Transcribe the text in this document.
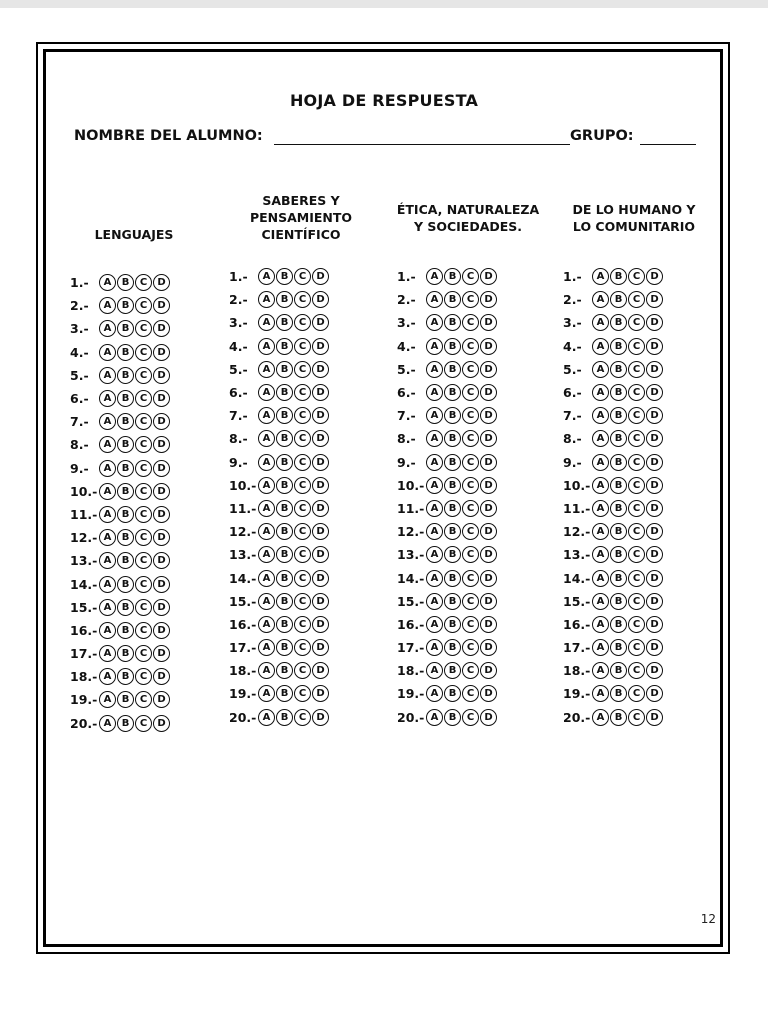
HOJA DE RESPUESTA
NOMBRE DEL ALUMNO:	GRUPO:
LENGUAJES
SABERES Y
PENSAMIENTO
CIENTÍFICO
ÉTICA, NATURALEZA
Y SOCIEDADES.
DE LO HUMANO Y
LO COMUNITARIO
1.-	A	B	C	D
2.-	A	B	C	D
3.-	A	B	C	D
4.-	A	B	C	D
5.-	A	B	C	D
6.-	A	B	C	D
7.-	A	B	C	D
8.-	A	B	C	D
9.-	A	B	C	D
10.- A	B	C	D
11.- A	B	C	D
12.- A	B	C	D
13.- A	B	C	D
14.- A	B	C	D
15.- A	B	C	D
16.- A	B	C	D
17.- A	B	C	D
18.- A	B	C	D
19.- A	B	C	D
20.- A	B	C	D
1.-	A	B	C	D
2.-	A	B	C	D
3.-	A	B	C	D
4.-	A	B	C	D
5.-	A	B	C	D
6.-	A	B	C	D
7.-	A	B	C	D
8.-	A	B	C	D
9.-	A	B	C	D
10.- A	B	C	D
11.- A	B	C	D
12.- A	B	C	D
13.- A	B	C	D
14.- A	B	C	D
15.- A	B	C	D
16.- A	B	C	D
17.- A	B	C	D
18.- A	B	C	D
19.- A	B	C	D
20.- A	B	C	D
1.-	A	B	C	D
2.-	A	B	C	D
3.-	A	B	C	D
4.-	A	B	C	D
5.-	A	B	C	D
6.-	A	B	C	D
7.-	A	B	C	D
8.-	A	B	C	D
9.-	A	B	C	D
10.- A	B	C	D
11.- A	B	C	D
12.- A	B	C	D
13.- A	B	C	D
14.- A	B	C	D
15.- A	B	C	D
16.- A	B	C	D
17.- A	B	C	D
18.- A	B	C	D
19.- A	B	C	D
20.- A	B	C	D
1.-	A	B	C	D
2.-	A	B	C	D
3.-	A	B	C	D
4.-	A	B	C	D
5.-	A	B	C	D
6.-	A	B	C	D
7.-	A	B	C	D
8.-	A	B	C	D
9.-	A	B	C	D
10.- A	B	C	D
11.- A	B	C	D
12.- A	B	C	D
13.- A	B	C	D
14.- A	B	C	D
15.- A	B	C	D
16.- A	B	C	D
17.- A	B	C	D
18.- A	B	C	D
19.- A	B	C	D
20.- A	B	C	D
12
